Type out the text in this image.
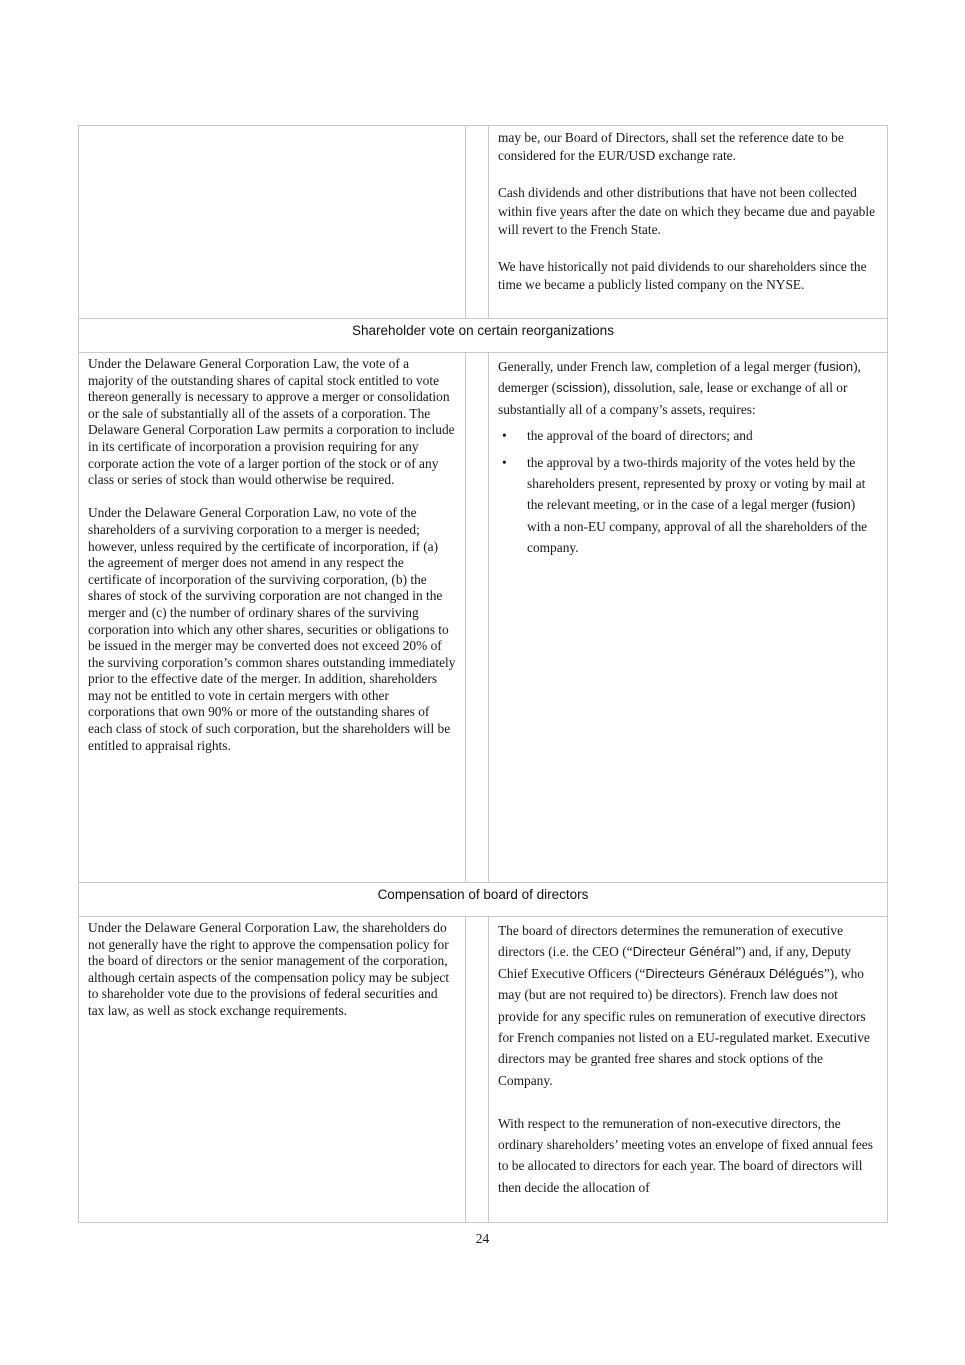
may be, our Board of Directors, shall set the reference date to be considered for the EUR/USD exchange rate.

Cash dividends and other distributions that have not been collected within five years after the date on which they became due and payable will revert to the French State.

We have historically not paid dividends to our shareholders since the time we became a publicly listed company on the NYSE.

Shareholder vote on certain reorganizations

Under the Delaware General Corporation Law, the vote of a majority of the outstanding shares of capital stock entitled to vote thereon generally is necessary to approve a merger or consolidation or the sale of substantially all of the assets of a corporation. The Delaware General Corporation Law permits a corporation to include in its certificate of incorporation a provision requiring for any corporate action the vote of a larger portion of the stock or of any class or series of stock than would otherwise be required.

Under the Delaware General Corporation Law, no vote of the shareholders of a surviving corporation to a merger is needed; however, unless required by the certificate of incorporation, if (a) the agreement of merger does not amend in any respect the certificate of incorporation of the surviving corporation, (b) the shares of stock of the surviving corporation are not changed in the merger and (c) the number of ordinary shares of the surviving corporation into which any other shares, securities or obligations to be issued in the merger may be converted does not exceed 20% of the surviving corporation’s common shares outstanding immediately prior to the effective date of the merger. In addition, shareholders may not be entitled to vote in certain mergers with other corporations that own 90% or more of the outstanding shares of each class of stock of such corporation, but the shareholders will be entitled to appraisal rights.

Generally, under French law, completion of a legal merger (fusion), demerger (scission), dissolution, sale, lease or exchange of all or substantially all of a company’s assets, requires:

• the approval of the board of directors; and
• the approval by a two-thirds majority of the votes held by the shareholders present, represented by proxy or voting by mail at the relevant meeting, or in the case of a legal merger (fusion) with a non-EU company, approval of all the shareholders of the company.
Compensation of board of directors

Under the Delaware General Corporation Law, the shareholders do not generally have the right to approve the compensation policy for the board of directors or the senior management of the corporation, although certain aspects of the compensation policy may be subject to shareholder vote due to the provisions of federal securities and tax law, as well as stock exchange requirements.

The board of directors determines the remuneration of executive directors (i.e. the CEO (“Directeur Général”) and, if any, Deputy Chief Executive Officers (“Directeurs Généraux Délégués”), who may (but are not required to) be directors). French law does not provide for any specific rules on remuneration of executive directors for French companies not listed on a EU-regulated market. Executive directors may be granted free shares and stock options of the Company.

With respect to the remuneration of non-executive directors, the ordinary shareholders’ meeting votes an envelope of fixed annual fees to be allocated to directors for each year. The board of directors will then decide the allocation of

24
